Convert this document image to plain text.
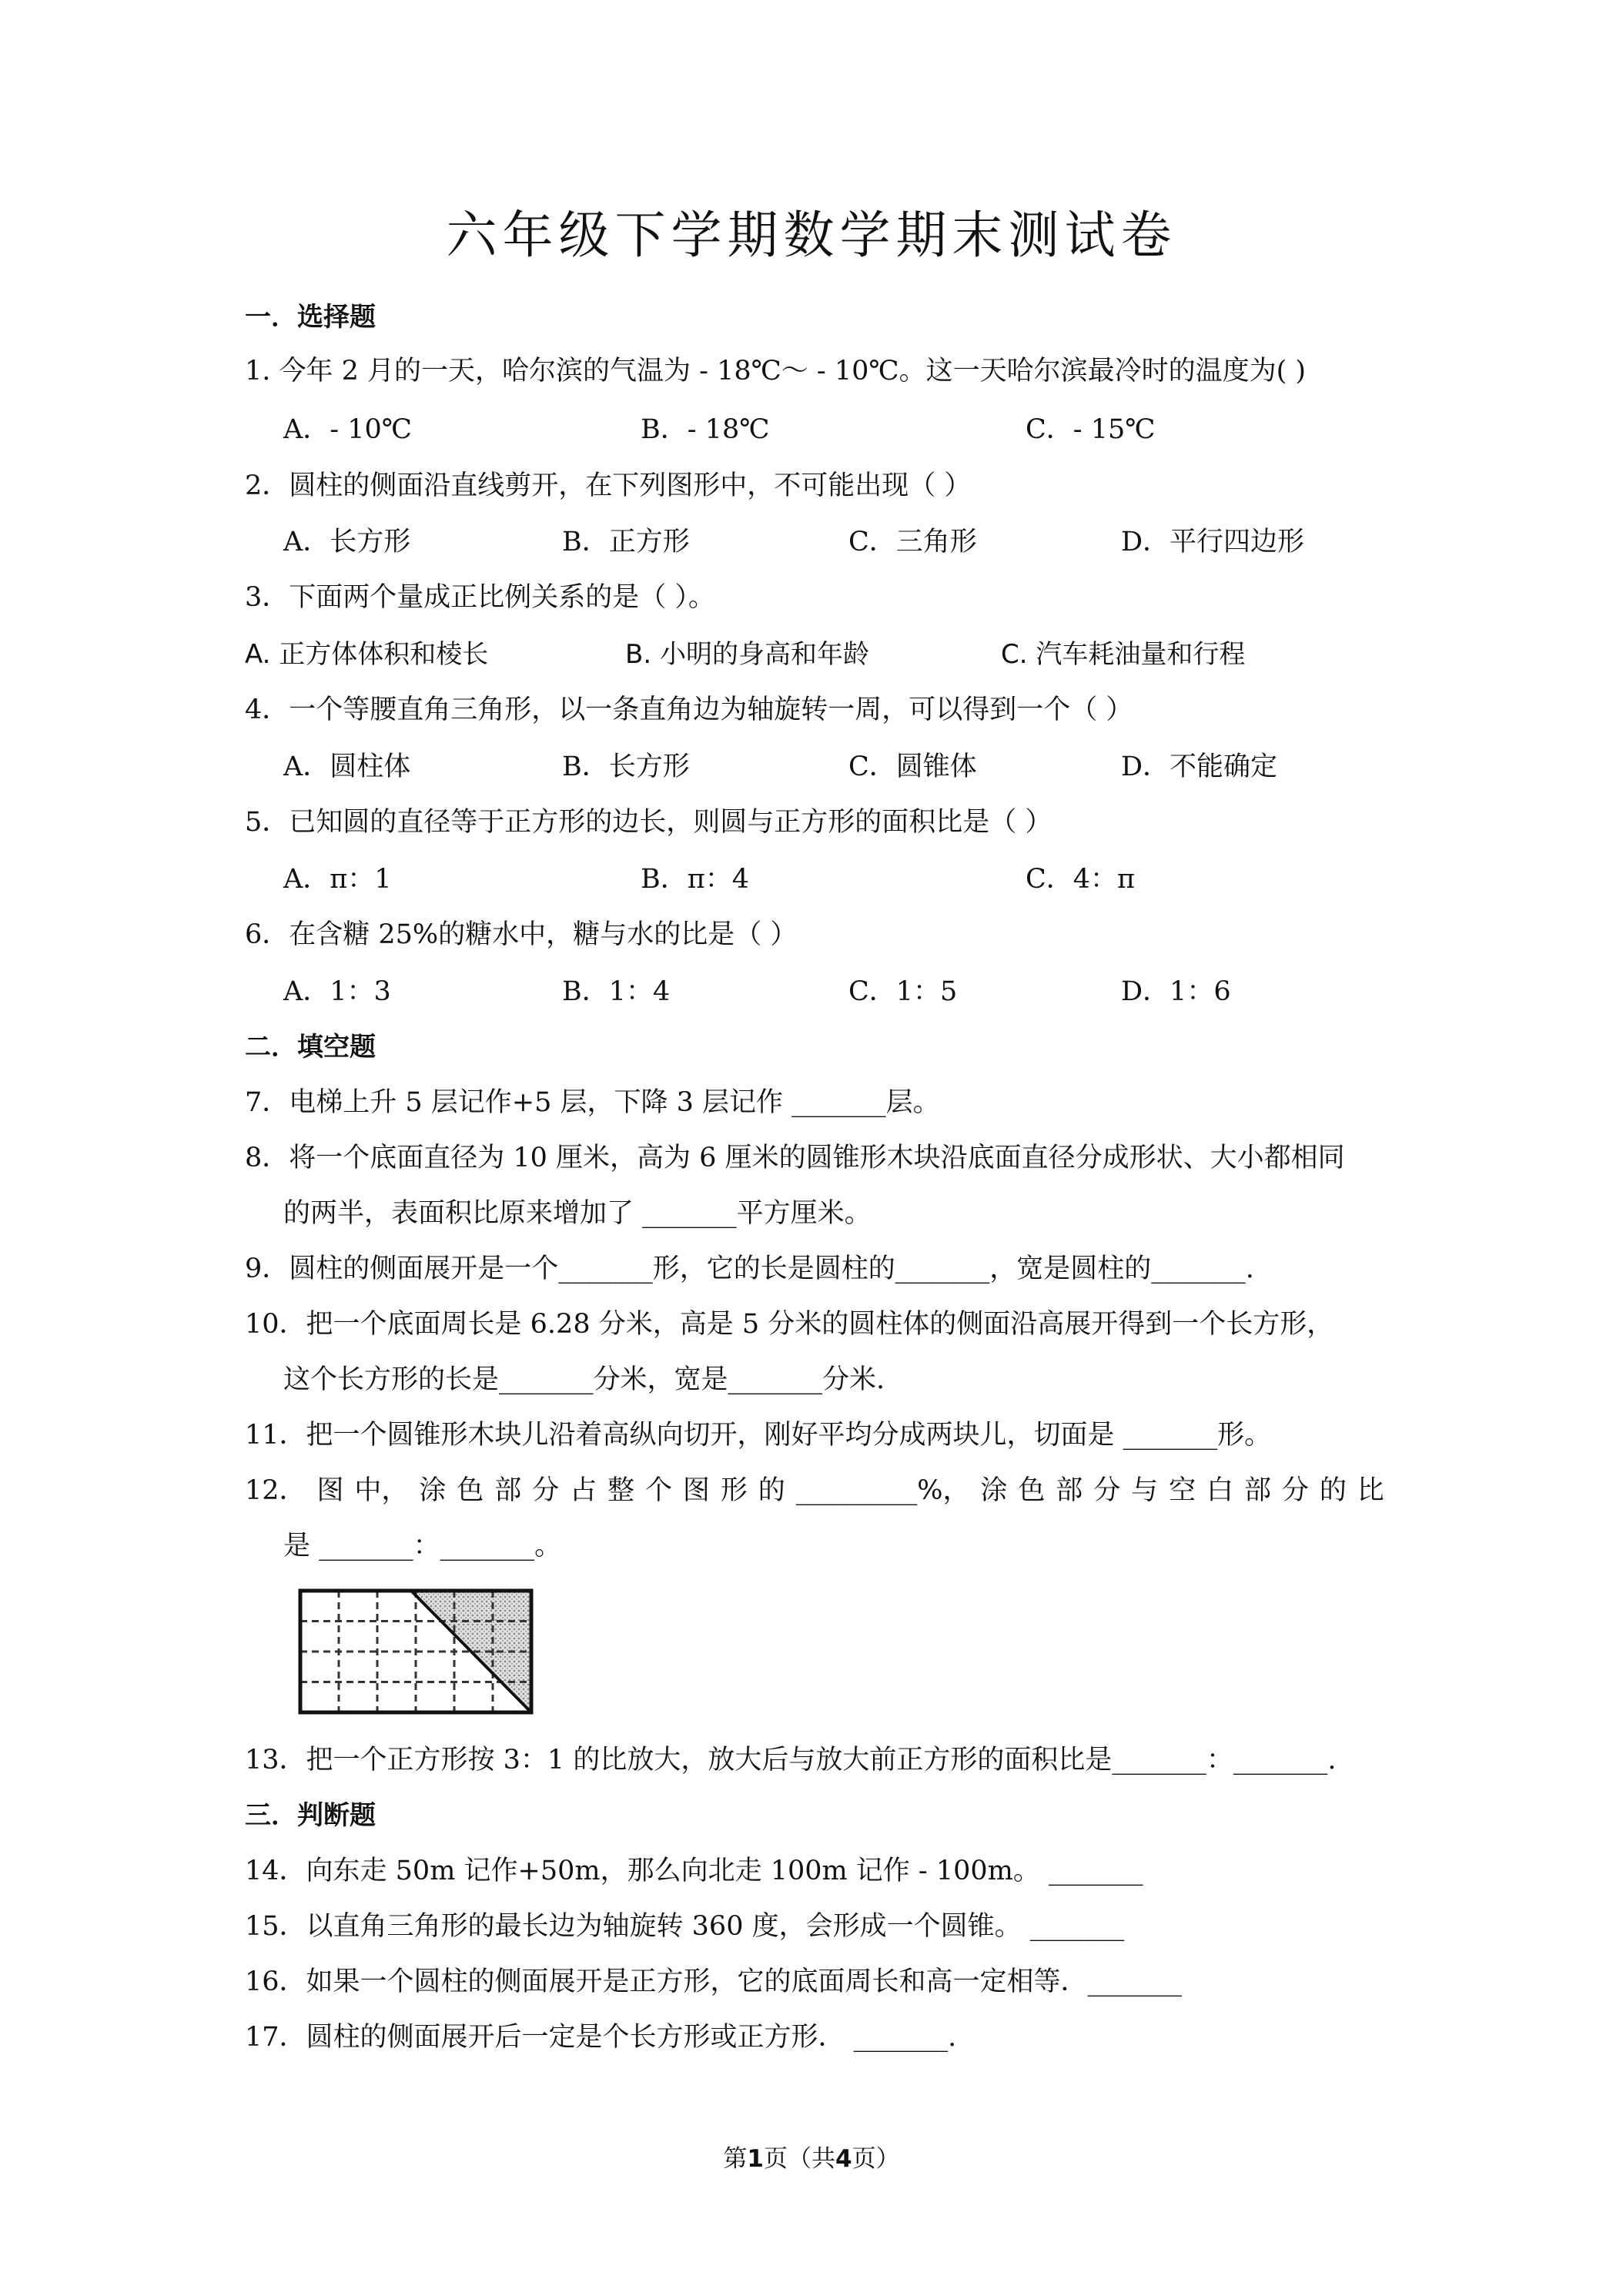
六年级下学期数学期末测试卷
一．选择题
1. 今年 2 月的一天，哈尔滨的气温为 - 18℃～ - 10℃。这一天哈尔滨最冷时的温度为( )
A．- 10℃	B．- 18℃	C．- 15℃
2．圆柱的侧面沿直线剪开，在下列图形中，不可能出现（ ）
A．长方形	B．正方形	C．三角形	D．平行四边形
3．下面两个量成正比例关系的是（ ）。
A. 正方体体积和棱长	B. 小明的身高和年龄	C. 汽车耗油量和行程
4．一个等腰直角三角形，以一条直角边为轴旋转一周，可以得到一个（ ）
A．圆柱体	B．长方形	C．圆锥体	D．不能确定
5．已知圆的直径等于正方形的边长，则圆与正方形的面积比是（ ）
A．π：1	B．π：4	C．4：π
6．在含糖 25%的糖水中，糖与水的比是（ ）
A．1：3	B．1：4	C．1：5	D．1：6
二．填空题
7．电梯上升 5 层记作+5 层，下降 3 层记作 _______层。
8．将一个底面直径为 10 厘米，高为 6 厘米的圆锥形木块沿底面直径分成形状、大小都相同
的两半，表面积比原来增加了 _______平方厘米。
9．圆柱的侧面展开是一个_______形，它的长是圆柱的_______，宽是圆柱的_______.
10．把一个底面周长是 6.28 分米，高是 5 分米的圆柱体的侧面沿高展开得到一个长方形，
这个长方形的长是_______分米，宽是_______分米.
11．把一个圆锥形木块儿沿着高纵向切开，刚好平均分成两块儿，切面是 _______形。
12． 图 中， 涂 色 部 分 占 整 个 图 形 的 _________%， 涂 色 部 分 与 空 白 部 分 的 比
是 _______：_______。
13．把一个正方形按 3：1 的比放大，放大后与放大前正方形的面积比是_______：_______.
三．判断题
14．向东走 50m 记作+50m，那么向北走 100m 记作 - 100m。 _______
15．以直角三角形的最长边为轴旋转 360 度，会形成一个圆锥。 _______
16．如果一个圆柱的侧面展开是正方形，它的底面周长和高一定相等．_______
17．圆柱的侧面展开后一定是个长方形或正方形． _______.
第1页（共4页）
